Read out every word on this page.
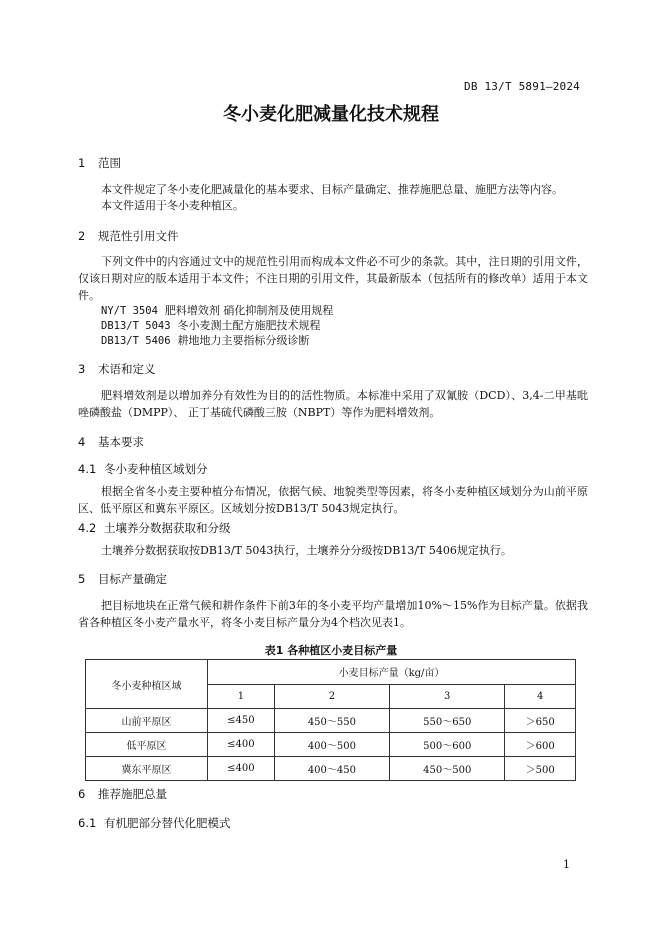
DB 13/T 5891—2024
冬小麦化肥减量化技术规程
1 范围
本文件规定了冬小麦化肥减量化的基本要求、目标产量确定、推荐施肥总量、施肥方法等内容。
本文件适用于冬小麦种植区。
2 规范性引用文件
下列文件中的内容通过文中的规范性引用而构成本文件必不可少的条款。其中，注日期的引用文件，仅该日期对应的版本适用于本文件；不注日期的引用文件，其最新版本（包括所有的修改单）适用于本文件。
NY/T 3504 肥料增效剂 硝化抑制剂及使用规程
DB13/T 5043 冬小麦测土配方施肥技术规程
DB13/T 5406 耕地地力主要指标分级诊断
3 术语和定义
肥料增效剂是以增加养分有效性为目的的活性物质。本标准中采用了双氰胺（DCD）、3,4-二甲基吡唑磷酸盐（DMPP）、 正丁基硫代磷酸三胺（NBPT）等作为肥料增效剂。
4 基本要求
4.1 冬小麦种植区域划分
根据全省冬小麦主要种植分布情况，依据气候、地貌类型等因素，将冬小麦种植区域划分为山前平原区、低平原区和冀东平原区。区域划分按DB13/T 5043规定执行。
4.2 土壤养分数据获取和分级
土壤养分数据获取按DB13/T 5043执行，土壤养分分级按DB13/T 5406规定执行。
5 目标产量确定
把目标地块在正常气候和耕作条件下前3年的冬小麦平均产量增加10%～15%作为目标产量。依据我省各种植区冬小麦产量水平，将冬小麦目标产量分为4个档次见表1。
表1 各种植区小麦目标产量
冬小麦种植区域	小麦目标产量（kg/亩）			
	1	2	3	4
山前平原区	≤450	450～550	550～650	＞650
低平原区	≤400	400～500	500～600	＞600
冀东平原区	≤400	400～450	450～500	＞500
6 推荐施肥总量
6.1 有机肥部分替代化肥模式
1
